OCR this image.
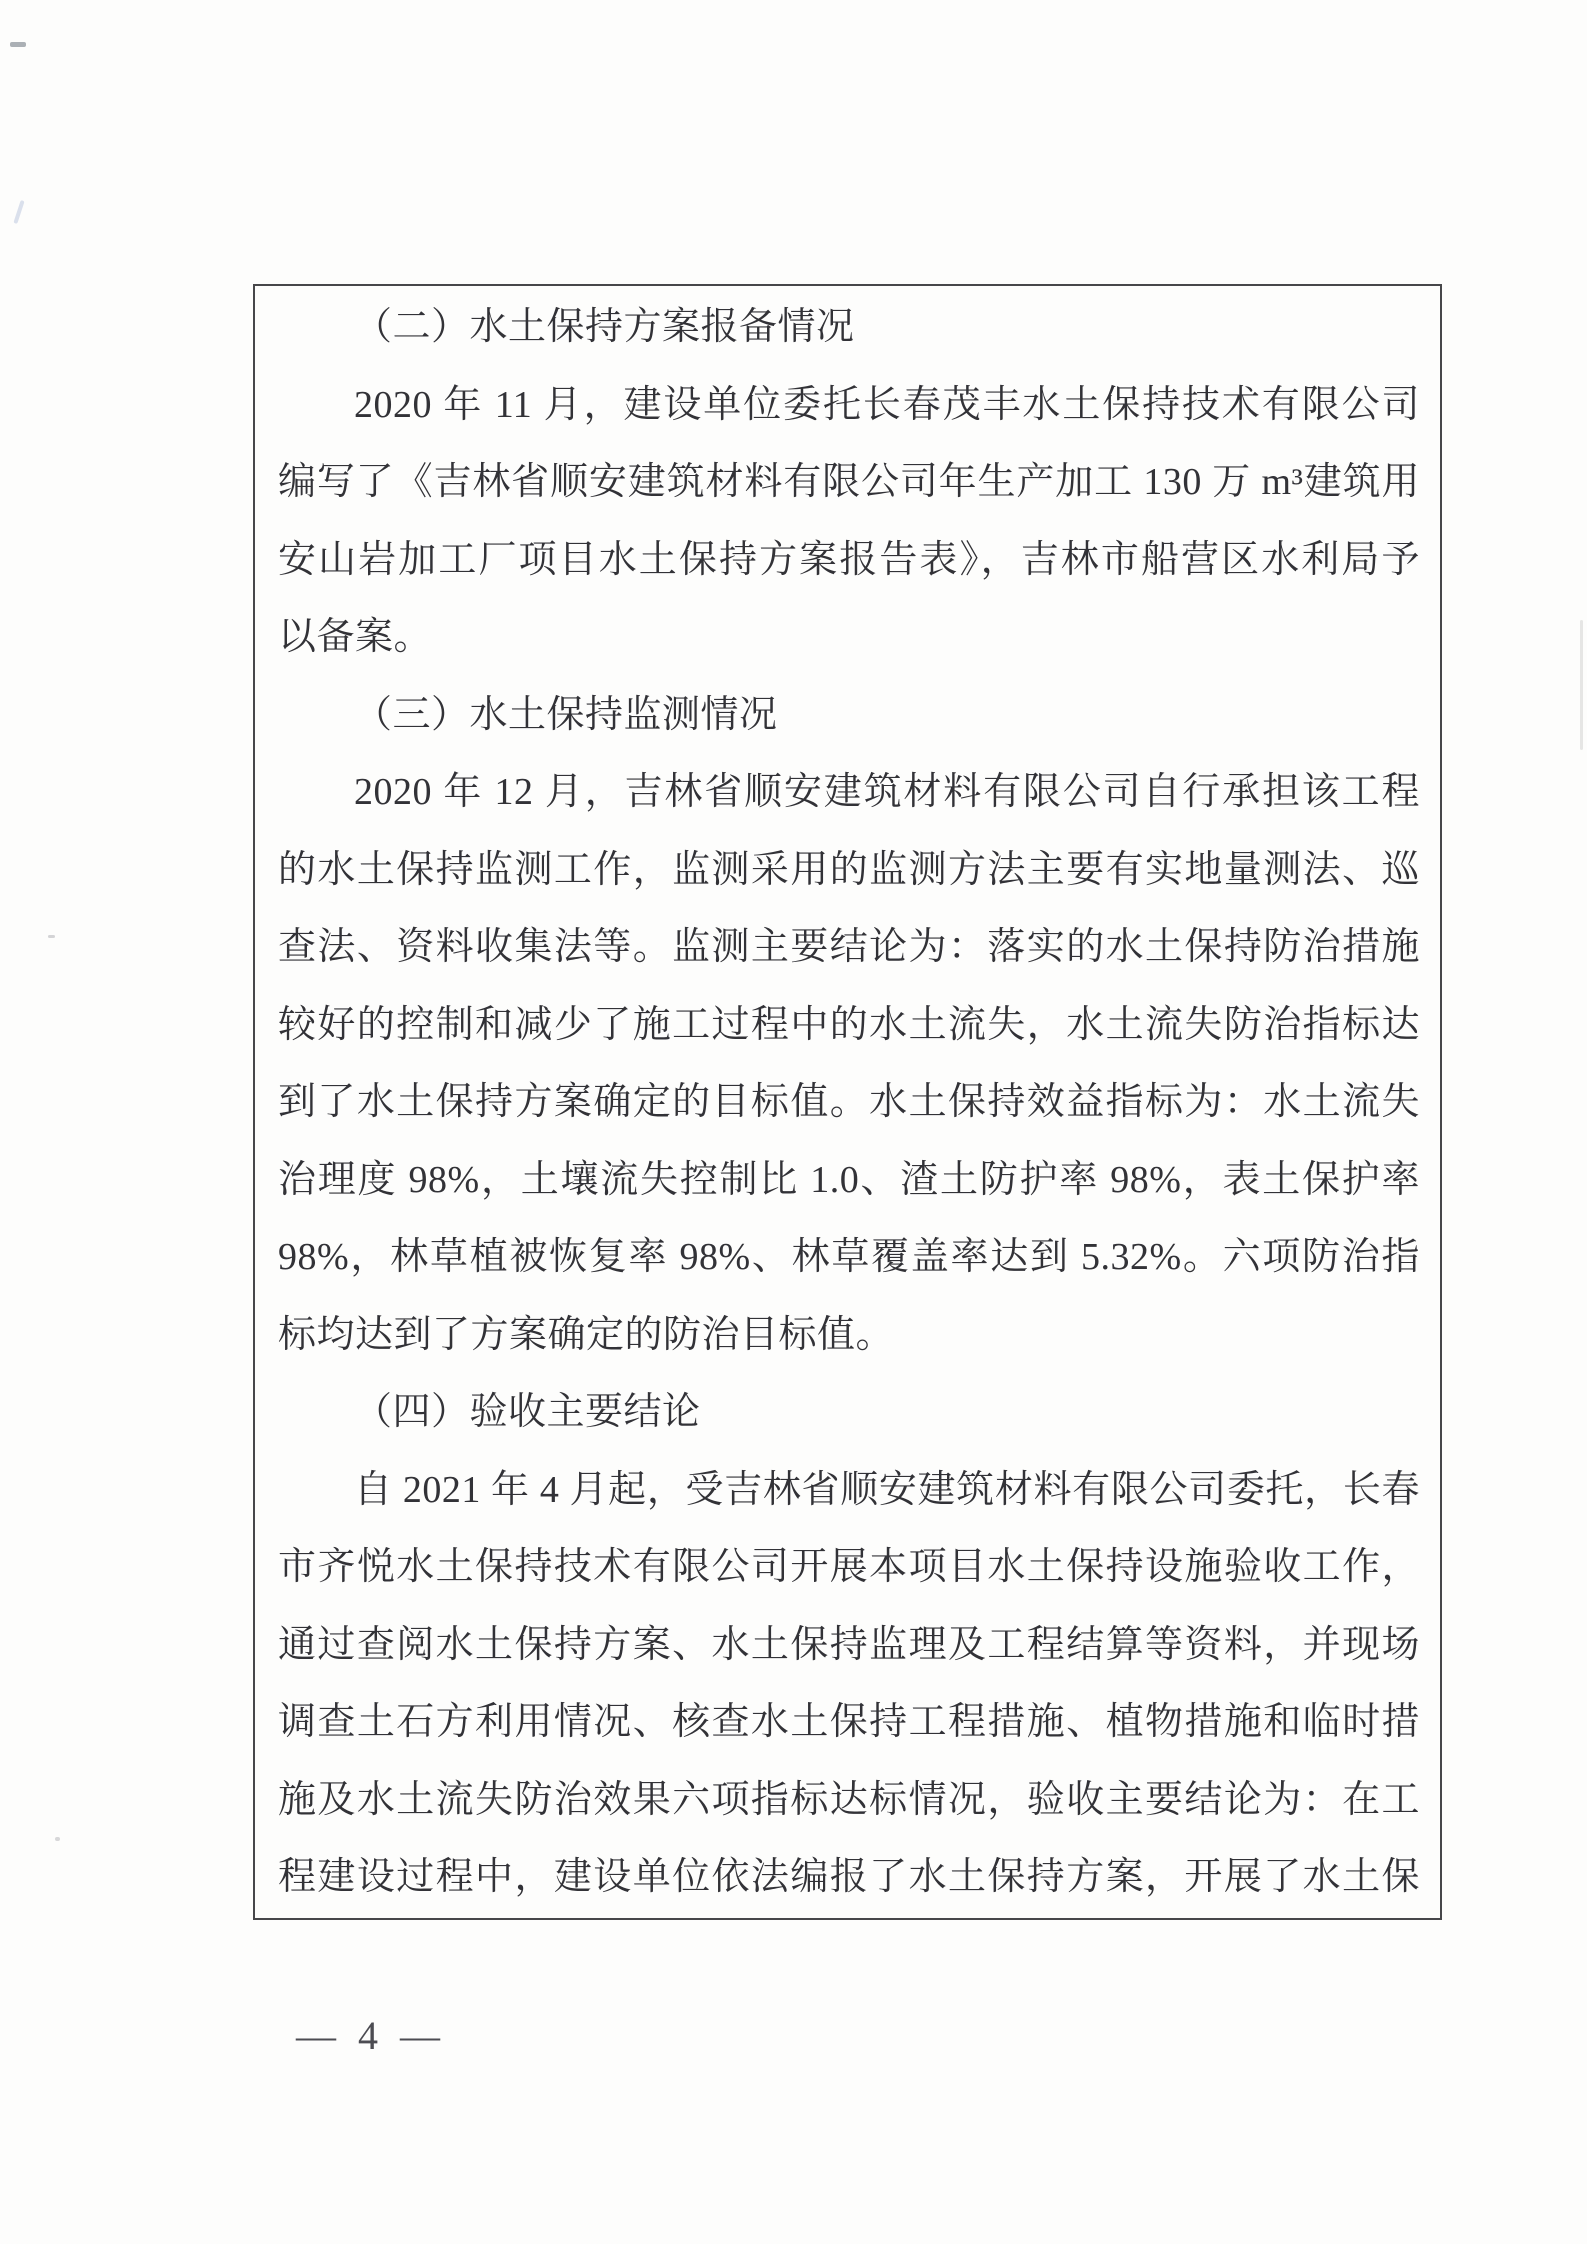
（二）水土保持方案报备情况
2020 年 11 月，建设单位委托长春茂丰水土保持技术有限公司
编写了《吉林省顺安建筑材料有限公司年生产加工 130 万 m³建筑用
安山岩加工厂项目水土保持方案报告表》，吉林市船营区水利局予
以备案。
（三）水土保持监测情况
2020 年 12 月，吉林省顺安建筑材料有限公司自行承担该工程
的水土保持监测工作，监测采用的监测方法主要有实地量测法、巡
查法、资料收集法等。监测主要结论为：落实的水土保持防治措施
较好的控制和减少了施工过程中的水土流失，水土流失防治指标达
到了水土保持方案确定的目标值。水土保持效益指标为：水土流失
治理度 98%，土壤流失控制比 1.0、渣土防护率 98%，表土保护率
98%，林草植被恢复率 98%、林草覆盖率达到 5.32%。六项防治指
标均达到了方案确定的防治目标值。
（四）验收主要结论
自 2021 年 4 月起，受吉林省顺安建筑材料有限公司委托，长春
市齐悦水土保持技术有限公司开展本项目水土保持设施验收工作，
通过查阅水土保持方案、水土保持监理及工程结算等资料，并现场
调查土石方利用情况、核查水土保持工程措施、植物措施和临时措
施及水土流失防治效果六项指标达标情况，验收主要结论为：在工
程建设过程中，建设单位依法编报了水土保持方案，开展了水土保
— 4 —
